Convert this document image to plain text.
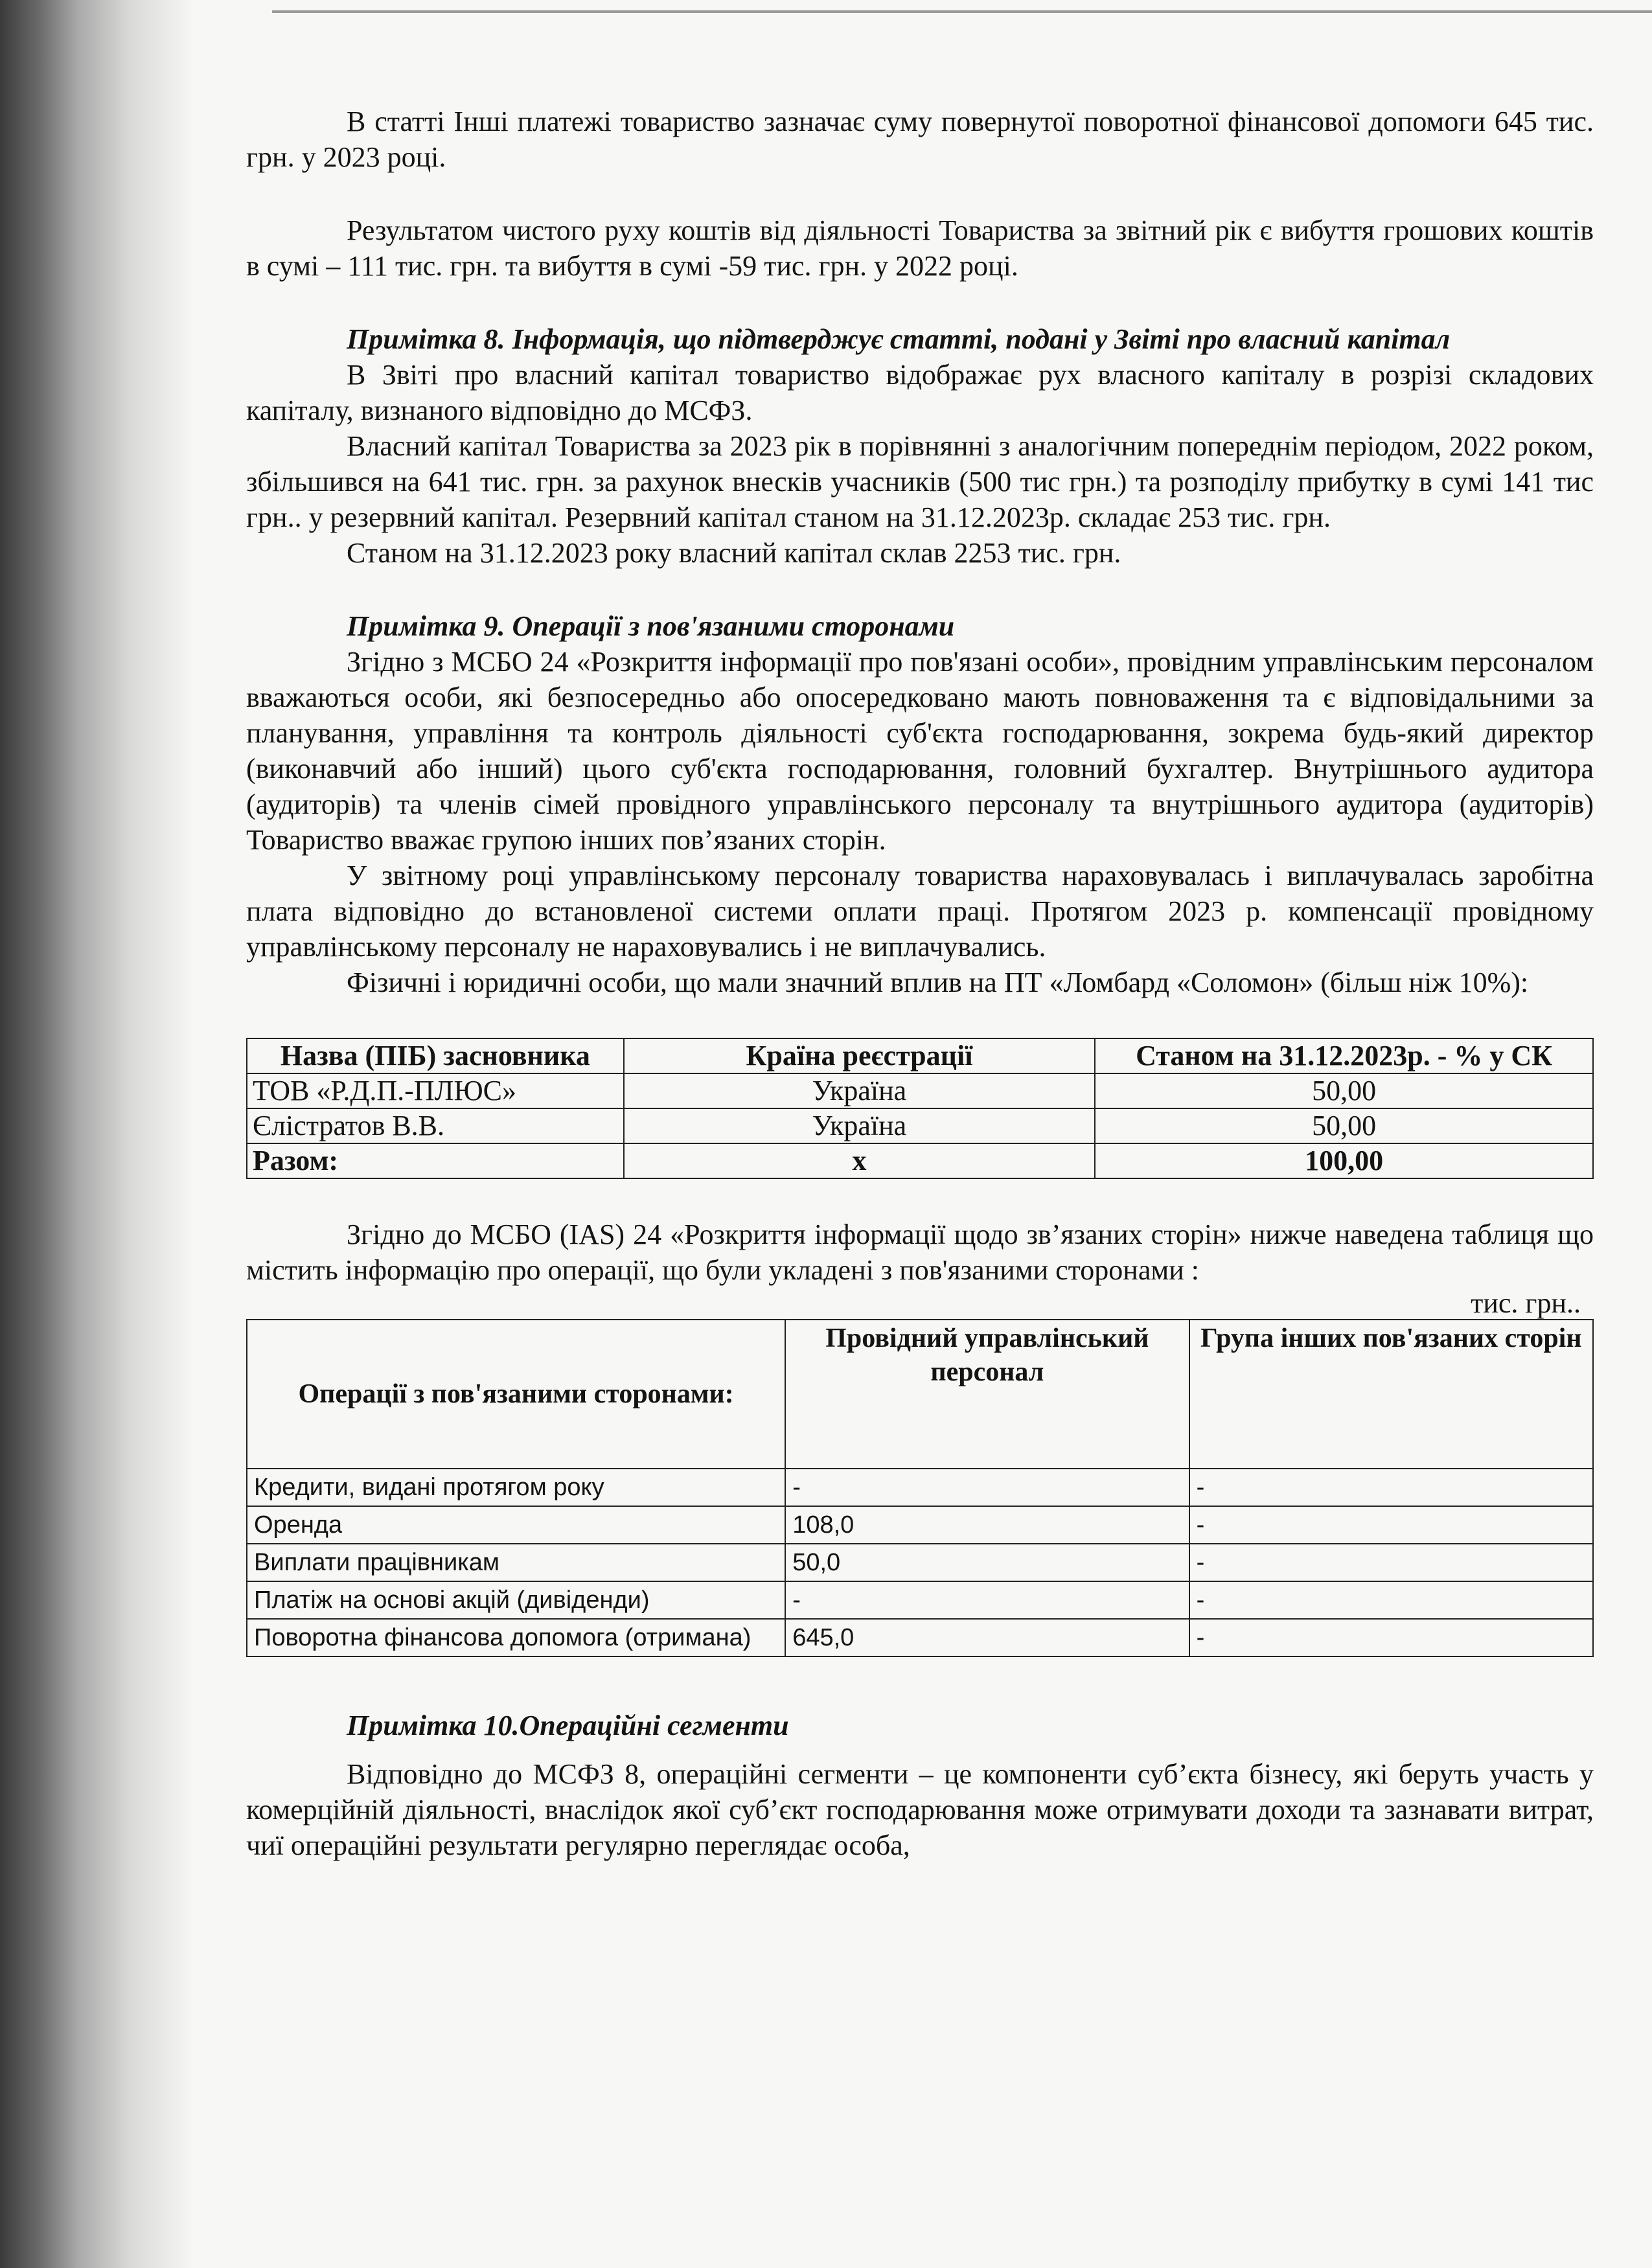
В статті Інші платежі товариство зазначає суму повернутої поворотної фінансової допомоги 645 тис. грн. у 2023 році.

Результатом чистого руху коштів від діяльності Товариства за звітний рік є вибуття грошових коштів в сумі – 111 тис. грн. та вибуття в сумі -59 тис. грн. у 2022 році.

Примітка 8. Інформація, що підтверджує статті, подані у Звіті про власний капітал

В Звіті про власний капітал товариство відображає рух власного капіталу в розрізі складових капіталу, визнаного відповідно до МСФЗ.

Власний капітал Товариства за 2023 рік в порівнянні з аналогічним попереднім періодом, 2022 роком, збільшився на 641 тис. грн. за рахунок внесків учасників (500 тис грн.) та розподілу прибутку в сумі 141 тис грн.. у резервний капітал. Резервний капітал станом на 31.12.2023р. складає 253 тис. грн.

Станом на 31.12.2023 року власний капітал склав 2253 тис. грн.

Примітка 9. Операції з пов'язаними сторонами

Згідно з МСБО 24 «Розкриття інформації про пов'язані особи», провідним управлінським персоналом вважаються особи, які безпосередньо або опосередковано мають повноваження та є відповідальними за планування, управління та контроль діяльності суб'єкта господарювання, зокрема будь-який директор (виконавчий або інший) цього суб'єкта господарювання, головний бухгалтер. Внутрішнього аудитора (аудиторів) та членів сімей провідного управлінського персоналу та внутрішнього аудитора (аудиторів) Товариство вважає групою інших пов’язаних сторін.

У звітному році управлінському персоналу товариства нараховувалась і виплачувалась заробітна плата відповідно до встановленої системи оплати праці. Протягом 2023 р. компенсації провідному управлінському персоналу не нараховувались і не виплачувались.

Фізичні і юридичні особи, що мали значний вплив на ПТ «Ломбард «Соломон» (більш ніж 10%):

Назва (ПІБ) засновника	Країна реєстрації	Станом на 31.12.2023р. - % у СК
ТОВ «Р.Д.П.-ПЛЮС»	Україна	50,00
Єліcтратов В.В.	Україна	50,00
Разом:	х	100,00

Згідно до МСБО (IAS) 24 «Розкриття інформації щодо зв’язаних сторін» нижче наведена таблиця що містить інформацію про операції, що були укладені з пов'язаними сторонами :

тис. грн..
Операції з пов'язаними сторонами:	Провідний управлінський персонал	Група інших пов'язаних сторін
Кредити, видані протягом року	-	-
Оренда	108,0	-
Виплати працівникам	50,0	-
Платіж на основі акцій (дивіденди)	-	-
Поворотна фінансова допомога (отримана)	645,0	-

Примітка 10.Операційні сегменти

Відповідно до МСФЗ 8, операційні сегменти – це компоненти суб’єкта бізнесу, які беруть участь у комерційній діяльності, внаслідок якої суб’єкт господарювання може отримувати доходи та зазнавати витрат, чиї операційні результати регулярно переглядає особа,
